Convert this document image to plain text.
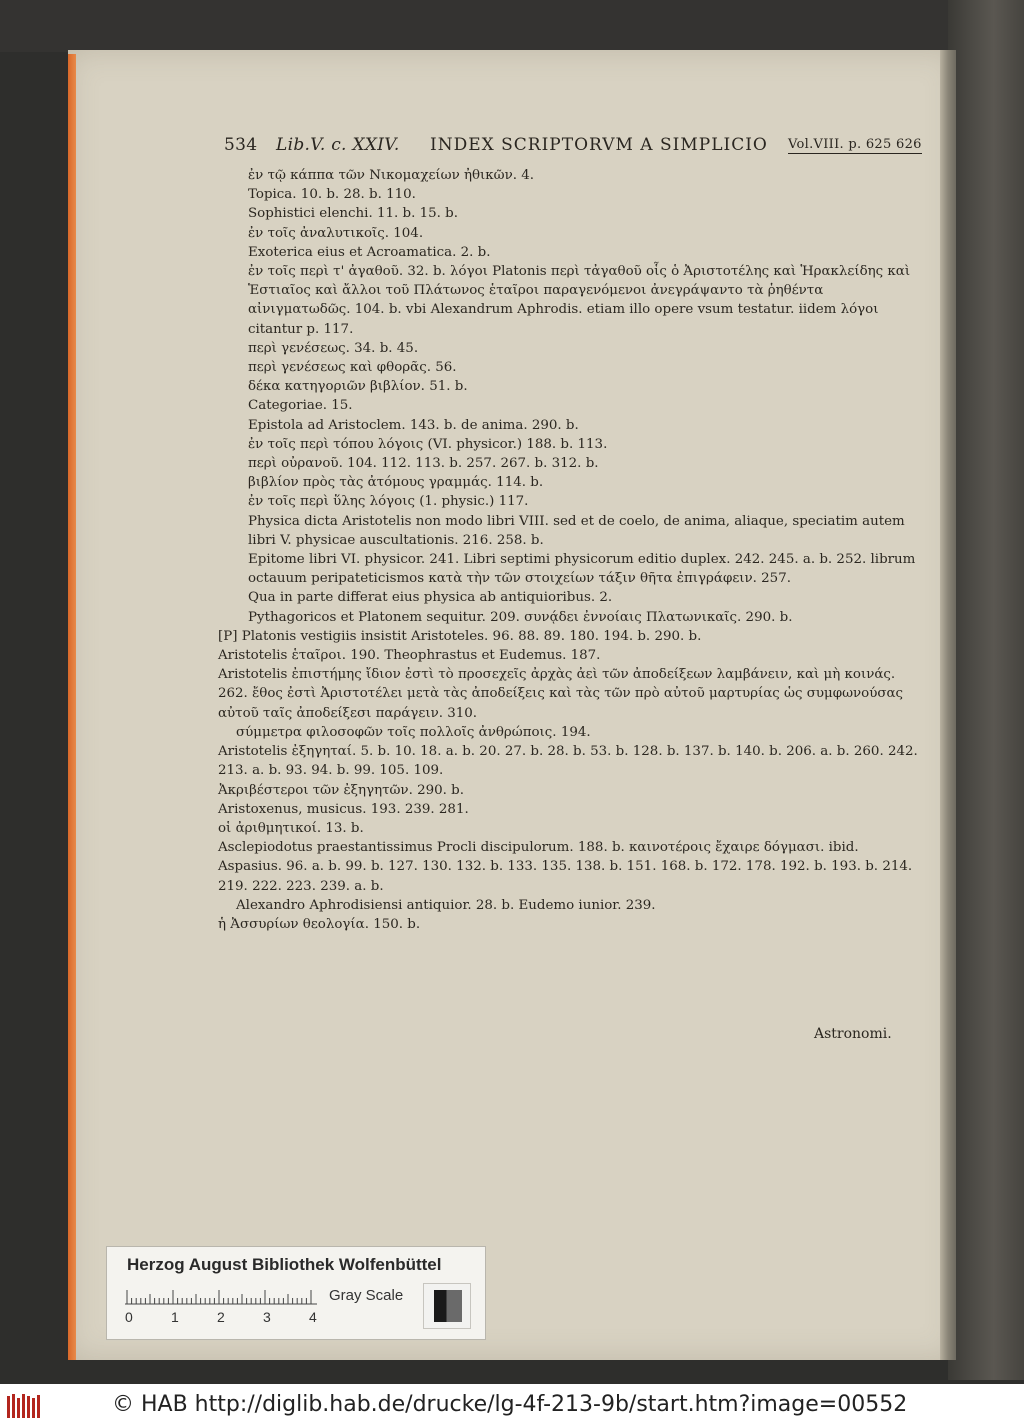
534 Lib.V. c. XXIV. INDEX SCRIPTORVM A SIMPLICIO Vol.VIII. p. 625 626
ἐν τῷ κάππα τῶν Νικομαχείων ἠθικῶν. 4.
Topica. 10. b. 28. b. 110.
Sophistici elenchi. 11. b. 15. b.
ἐν τοῖς ἀναλυτικοῖς. 104.
Exoterica eius et Acroamatica. 2. b.
ἐν τοῖς περὶ τ' ἀγαθοῦ. 32. b. λόγοι Platonis περὶ τἀγαθοῦ οἷς ὁ Ἀριστοτέλης καὶ Ἡρακλείδης καὶ Ἑστιαῖος καὶ ἄλλοι τοῦ Πλάτωνος ἑταῖροι παραγενόμενοι ἀνεγράψαντο τὰ ῥηθέντα αἰνιγματωδῶς. 104. b. vbi Alexandrum Aphrodis. etiam illo opere vsum testatur. iidem λόγοι citantur p. 117.
περὶ γενέσεως. 34. b. 45.
περὶ γενέσεως καὶ φθορᾶς. 56.
δέκα κατηγοριῶν βιβλίον. 51. b.
Categoriae. 15.
Epistola ad Aristoclem. 143. b. de anima. 290. b.
ἐν τοῖς περὶ τόπου λόγοις (VI. physicor.) 188. b. 113.
περὶ οὐρανοῦ. 104. 112. 113. b. 257. 267. b. 312. b.
βιβλίον πρὸς τὰς ἀτόμους γραμμάς. 114. b.
ἐν τοῖς περὶ ὕλης λόγοις (1. physic.) 117.
Physica dicta Aristotelis non modo libri VIII. sed et de coelo, de anima, aliaque, speciatim autem libri V. physicae auscultationis. 216. 258. b.
Epitome libri VI. physicor. 241. Libri septimi physicorum editio duplex. 242. 245. a. b. 252. librum octauum peripateticismos κατὰ τὴν τῶν στοιχείων τάξιν θῆτα ἐπιγράφειν. 257.
Qua in parte differat eius physica ab antiquioribus. 2.
Pythagoricos et Platonem sequitur. 209. συνᾴδει ἐννοίαις Πλατωνικαῖς. 290. b.
[P] Platonis vestigiis insistit Aristoteles. 96. 88. 89. 180. 194. b. 290. b.
Aristotelis ἑταῖροι. 190. Theophrastus et Eudemus. 187.
Aristotelis ἐπιστήμης ἴδιον ἐστὶ τὸ προσεχεῖς ἀρχὰς ἀεὶ τῶν ἀποδείξεων λαμβάνειν, καὶ μὴ κοινάς. 262. ἔθος ἐστὶ Ἀριστοτέλει μετὰ τὰς ἀποδείξεις καὶ τὰς τῶν πρὸ αὐτοῦ μαρτυρίας ὡς συμφωνούσας αὐτοῦ ταῖς ἀποδείξεσι παράγειν. 310.
σύμμετρα φιλοσοφῶν τοῖς πολλοῖς ἀνθρώποις. 194.
Aristotelis ἐξηγηταί. 5. b. 10. 18. a. b. 20. 27. b. 28. b. 53. b. 128. b. 137. b. 140. b. 206. a. b. 260. 242. 213. a. b. 93. 94. b. 99. 105. 109.
Ἀκριβέστεροι τῶν ἐξηγητῶν. 290. b.
Aristoxenus, musicus. 193. 239. 281.
οἱ ἀριθμητικοί. 13. b.
Asclepiodotus praestantissimus Procli discipulorum. 188. b. καινοτέροις ἔχαιρε δόγμασι. ibid.
Aspasius. 96. a. b. 99. b. 127. 130. 132. b. 133. 135. 138. b. 151. 168. b. 172. 178. 192. b. 193. b. 214. 219. 222. 223. 239. a. b.
Alexandro Aphrodisiensi antiquior. 28. b. Eudemo iunior. 239.
ἡ Ἀσσυρίων θεολογία. 150. b.
Astronomi.
Herzog August Bibliothek Wolfenbüttel
Gray Scale
0	1	2	3	4
© HAB http://diglib.hab.de/drucke/lg-4f-213-9b/start.htm?image=00552
